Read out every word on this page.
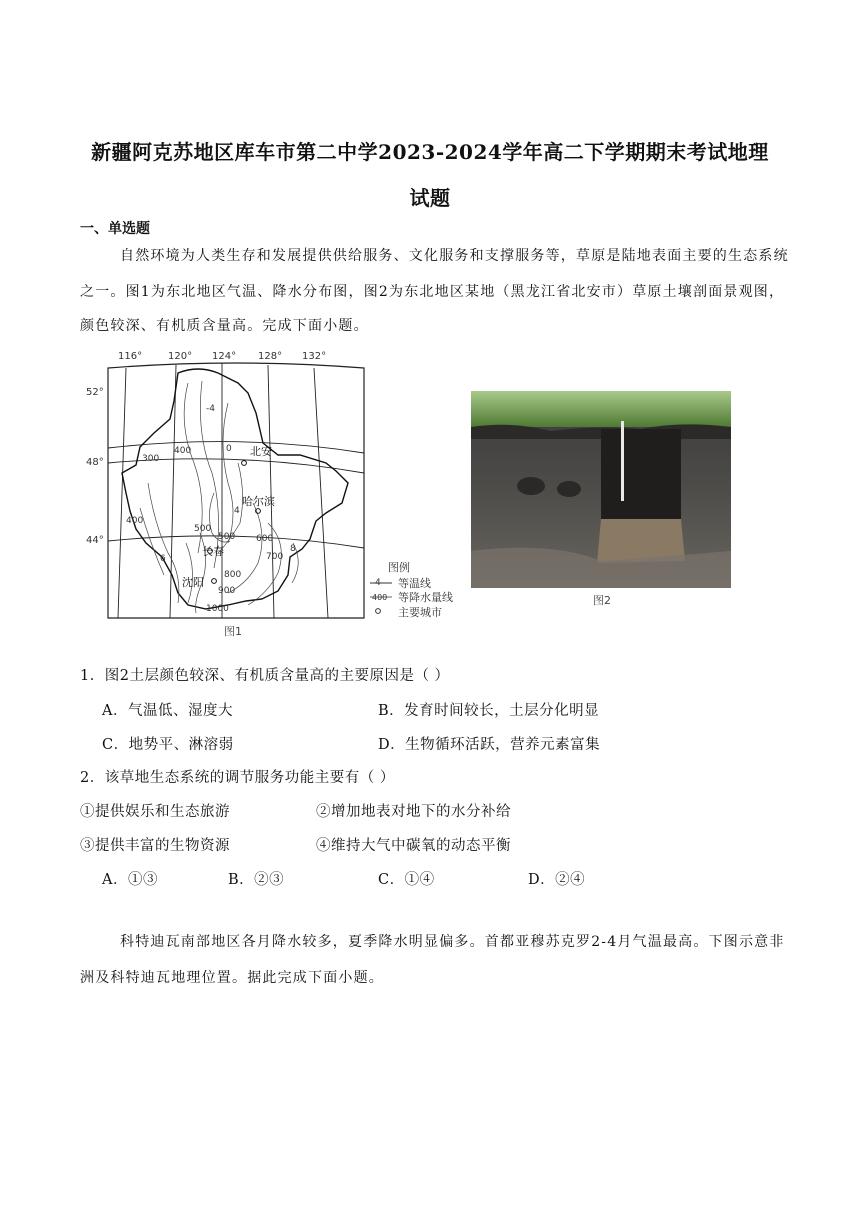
新疆阿克苏地区库车市第二中学2023-2024学年高二下学期期末考试地理
试题
一、单选题
自然环境为人类生存和发展提供供给服务、文化服务和支撑服务等，草原是陆地表面主要的生态系统
之一。图1为东北地区气温、降水分布图，图2为东北地区某地（黑龙江省北安市）草原土壤剖面景观图，
颜色较深、有机质含量高。完成下面小题。
116°	120° 124° 128° 132°
52°
48°
44°
-4
0
4
6
8
300
400
500 600
700
800
900
1000
400
500
北安
哈尔滨
长春
沈阳
图1
图例
4 等温线
400 等降水量线
主要城市
图2
1．图2土层颜色较深、有机质含量高的主要原因是（ ）
A．气温低、湿度大	B．发育时间较长，土层分化明显
C．地势平、淋溶弱	D．生物循环活跃，营养元素富集
2．该草地生态系统的调节服务功能主要有（ ）
①提供娱乐和生态旅游	②增加地表对地下的水分补给
③提供丰富的生物资源	④维持大气中碳氧的动态平衡
A．①③	B．②③	C．①④	D．②④
科特迪瓦南部地区各月降水较多，夏季降水明显偏多。首都亚穆苏克罗2-4月气温最高。下图示意非
洲及科特迪瓦地理位置。据此完成下面小题。
